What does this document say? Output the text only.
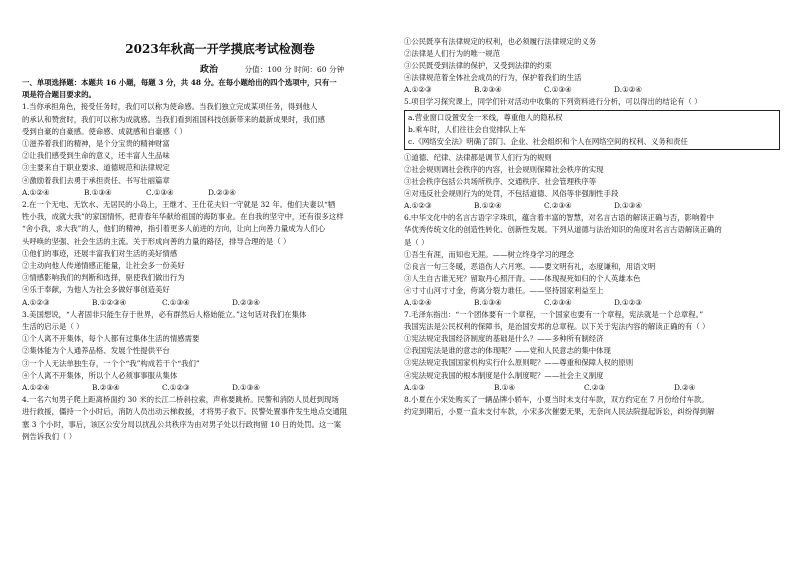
2023年秋高一开学摸底考试检测卷
政治	分值：100 分 时间：60 分钟

一、单项选择题：本题共 16 小题，每题 3 分，共 48 分。在每小题给出的四个选项中，只有一

项是符合题目要求的。

1.当你承担角色，接受任务时，我们可以称为使命感。当我们独立完成某项任务，得到他人

的承认和赞赏时，我们可以称为成就感。当我们看到祖国科技创新带来的最新成果时，我们感

受到自豪的自豪感。使命感、成就感和自豪感（ ）

①滋养着我们的精神，是个分宝贵的精神财富

②让我们感受到生命的意义，还丰富人生品味

③主要来自于职业要求、道德规范和法律规定

④激励着我们去勇于承担责任、书写壮丽篇章

A.①②④	B.①③④	C.①③④	D.②③④

2.在一个无电、无饮水、无居民的小岛上，王继才、王仕花夫妇一守就是 32 年。他们夫妻以“牺

牲小我，成就大我”的家国情怀，把青春年华献给祖国的海防事业。在自我的坚守中，还有很多这样

“舍小我，求大我”的人，他们的精神，指引着更多人前进的方向，让向上向善力量成为人们心

头呼唤的坚强、社会生活的主流。关于形成向善的力量的路径，排导合理的是（ ）

①他们的事迹，还展丰富我们对生活的美好情感

②主动向他人传递情感正能量，让社会多一份美好

③情感影响我们的判断和选择，驱使我们做出行为

④乐于奉献，为他人为社会多做好事创造美好

A.①②③	B.①②③④	C.①③④	D.②③④

3.美国想说，“人者固非只能生存于世界，必有群然后人格始能立。”这句话对我们在集体

生活的启示是（ ）

①个人离不开集体，每个人都有过集体生活的情感需要

②集体能为个人通养品格、发展个性提供平台

③一个人无法单独生存，一个个“我”构成若干个“我们”

④个人离不开集体，所以个人必须事事服从集体

A.①②④	B.②③④	C.①②③	D.①③④

4.一名六旬男子爬上距离桥面约 30 米的长江二桥斜拉索，声称要跳桥。民警和消防人员赶到现场

进行救援，僵持一个小时后，消防人员出动云梯救援，才将男子救下。民警处置事件发生地点交通阻

塞 3 个小时，事后，该区公安分局以扰乱公共秩序为由对男子处以行政拘留 10 日的处罚。这一案

例告诉我们（ ）

①公民既享有法律规定的权利，也必须履行法律规定的义务

②法律是人们行为的唯一规范

③公民既受到法律的保护，又受到法律的约束

④法律规范着全体社会成员的行为，保护着我们的生活

A.①②③	B.②③④	C.①③④	D.①②④

5.项目学习探究课上，同学们针对活动中收集的下列资料进行分析，可以得出的结论有（ ）

a.营业窗口设置安全一米线，尊重他人的隐私权

b.乘车时，人们往往会自觉排队上车

c.《网络安全法》明确了部门、企业、社会组织和个人在网络空间的权利、义务和责任

①道德、纪律、法律都是调节人们行为的规则

②社会规则调社会秩序的内容，社会规则保障社会秩序的实现

③社会秩序包括公共场所秩序、交通秩序、社会管理秩序等

④对违反社会规则行为的处罚，不包括道德、风俗等非强制性手段

A.①②③	B.①②④	C.②③④	D.①③④

6.中华文化中的名言古语字字珠玑，蕴含着丰富的智慧，对名言古语的解读正确与否，影响着中

华优秀传统文化的创造性转化、创新性发展。下列从道德与法治知识的角度对名言古语解读正确的

是（ ）

①吾生有涯，而知也无涯。——树立终身学习的理念

②良言一句三冬暖，恶语伤人六月寒。——要文明有礼，态度谦和，用语文明

③人生自古谁无死？留取丹心照汗青。——体现视死如归的个人英雄本色

④寸寸山河寸寸金，侉离分裂力谁任。——坚持国家利益至上

A.①②④	B.①③④	C.②③④	D.①②③

7.毛泽东指出：“一个团体要有一个章程，一个国家也要有一个章程，宪法就是一个总章程。”

我国宪法是公民权利的保障书，是治国安邦的总章程。以下关于宪法内容的解读正确的有（ ）

①宪法规定我国经济制度的基础是什么？——多种所有制经济

②我国宪法是谁的意志的体现呢？——党和人民意志的集中体现

③宪法规定我国国家机构实行什么原则呢？——尊重和保障人权的原则

④宪法规定我国的根本制度是什么制度呢？——社会主义制度

A.①③	B.①④	C.②③	D.②④

8.小夏在小宋处购买了一辆品牌小轿车，小夏当时未支付车款，双方约定在 7 月份给付车款。

约定到期后，小夏一直未支付车款，小宋多次催要无果，无奈向人民法院提起诉讼，纠纷得到解
